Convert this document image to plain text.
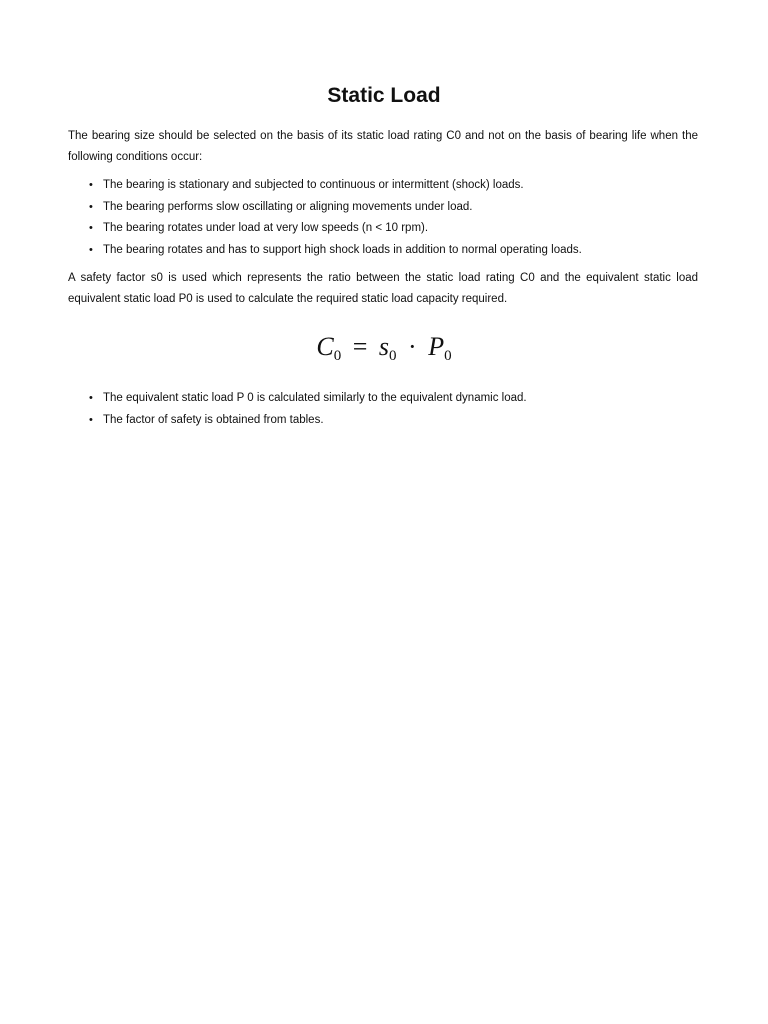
Static Load

The bearing size should be selected on the basis of its static load rating C0 and not on the basis of bearing life when the following conditions occur:

• The bearing is stationary and subjected to continuous or intermittent (shock) loads.
• The bearing performs slow oscillating or aligning movements under load.
• The bearing rotates under load at very low speeds (n < 10 rpm).
• The bearing rotates and has to support high shock loads in addition to normal operating loads.

A safety factor s0 is used which represents the ratio between the static load rating C0 and the equivalent static load equivalent static load P0 is used to calculate the required static load capacity required.

$C_0 = s_0 \cdot P_0$
• The equivalent static load P 0 is calculated similarly to the equivalent dynamic load.
• The factor of safety is obtained from tables.
